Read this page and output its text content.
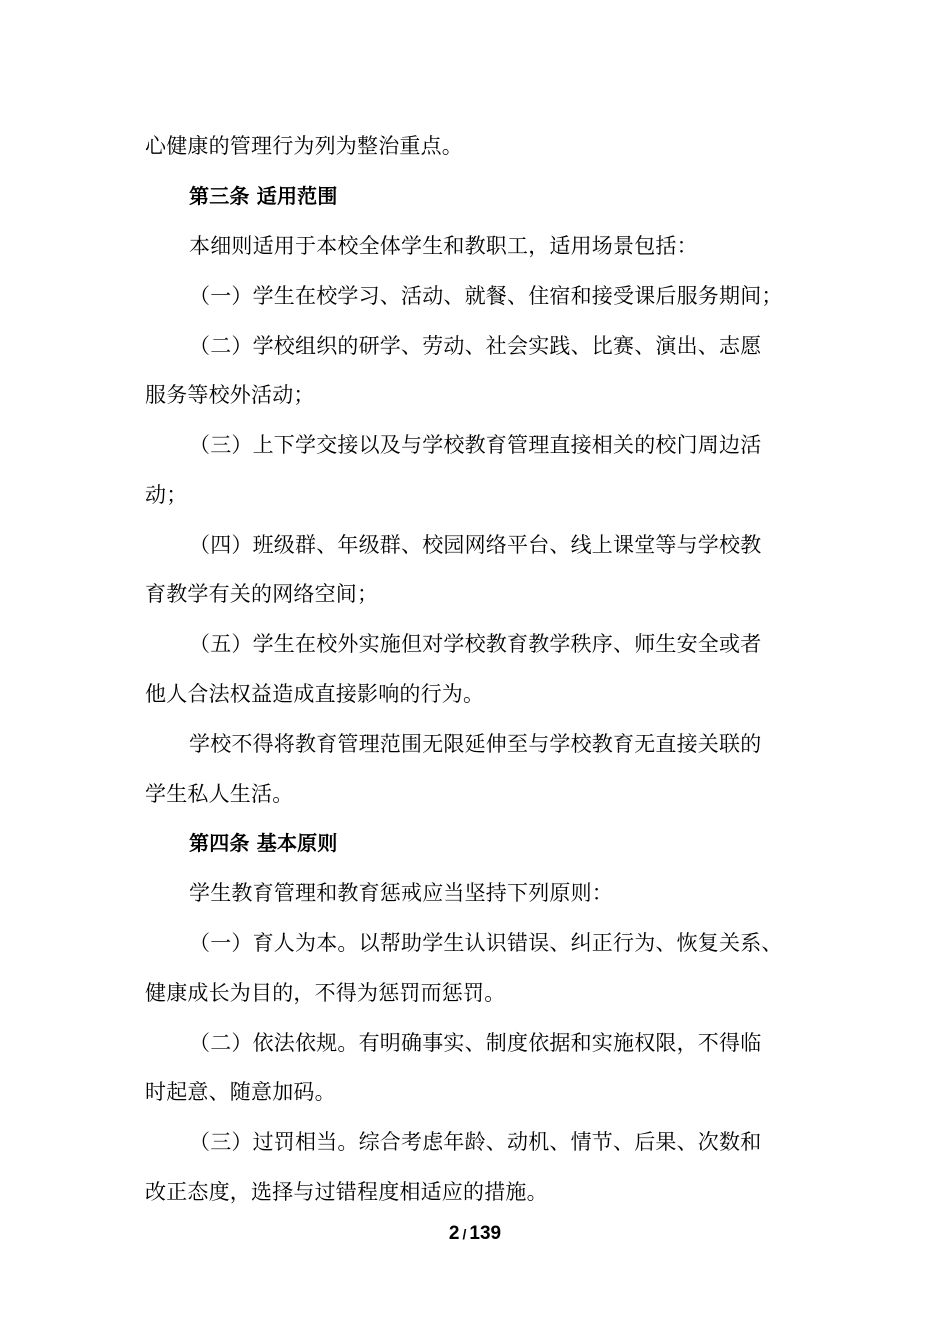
心健康的管理行为列为整治重点。
第三条 适用范围
本细则适用于本校全体学生和教职工，适用场景包括：
（一）学生在校学习、活动、就餐、住宿和接受课后服务期间；
（二）学校组织的研学、劳动、社会实践、比赛、演出、志愿
服务等校外活动；
（三）上下学交接以及与学校教育管理直接相关的校门周边活
动；
（四）班级群、年级群、校园网络平台、线上课堂等与学校教
育教学有关的网络空间；
（五）学生在校外实施但对学校教育教学秩序、师生安全或者
他人合法权益造成直接影响的行为。
学校不得将教育管理范围无限延伸至与学校教育无直接关联的
学生私人生活。
第四条 基本原则
学生教育管理和教育惩戒应当坚持下列原则：
（一）育人为本。以帮助学生认识错误、纠正行为、恢复关系、
健康成长为目的，不得为惩罚而惩罚。
（二）依法依规。有明确事实、制度依据和实施权限，不得临
时起意、随意加码。
（三）过罚相当。综合考虑年龄、动机、情节、后果、次数和
改正态度，选择与过错程度相适应的措施。
2 / 139
